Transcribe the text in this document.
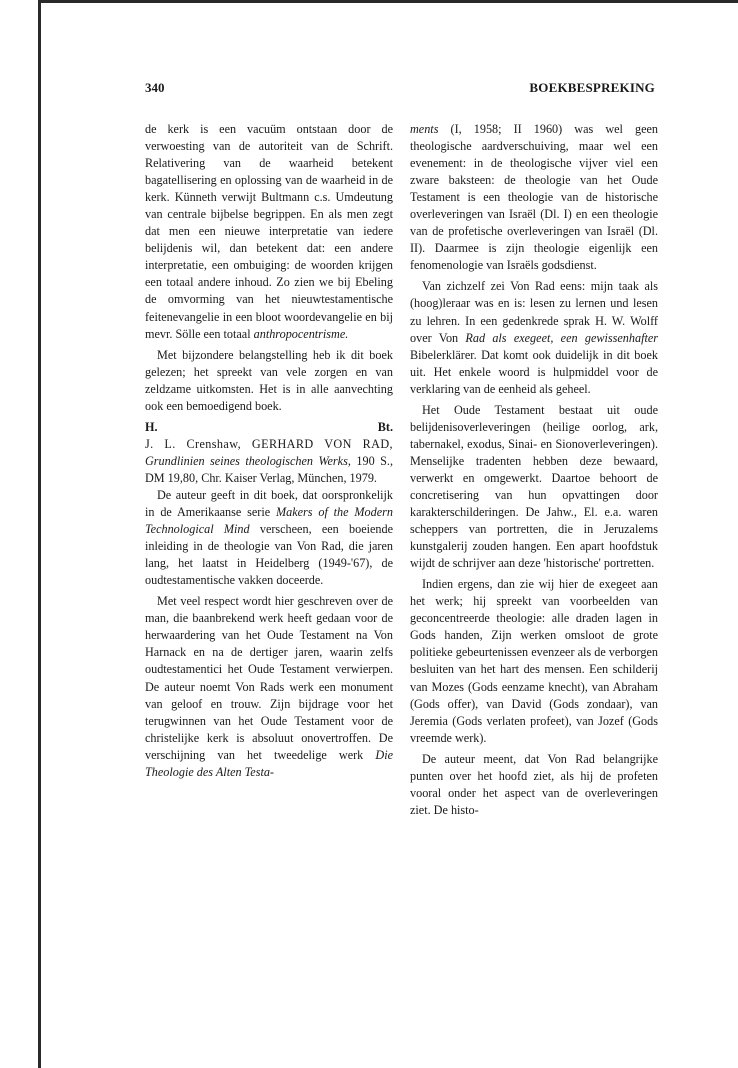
340	BOEKBESPREKING

de kerk is een vacuüm ontstaan door de verwoesting van de autoriteit van de Schrift. Relativering van de waarheid betekent bagatellisering en oplossing van de waarheid in de kerk. Künneth verwijt Bultmann c.s. Umdeutung van centrale bijbelse begrippen. En als men zegt dat men een nieuwe interpretatie van iedere belijdenis wil, dan betekent dat: een andere interpretatie, een ombuiging: de woorden krijgen een totaal andere inhoud. Zo zien we bij Ebeling de omvorming van het nieuwtestamentische feitenevangelie in een bloot woordevangelie en bij mevr. Sölle een totaal anthropocentrisme.

Met bijzondere belangstelling heb ik dit boek gelezen; het spreekt van vele zorgen en van zeldzame uitkomsten. Het is in alle aanvechting ook een bemoedigend boek.

H.	Bt.

J. L. Crenshaw, GERHARD VON RAD, Grundlinien seines theologischen Werks, 190 S., DM 19,80, Chr. Kaiser Verlag, München, 1979.

De auteur geeft in dit boek, dat oorspronkelijk in de Amerikaanse serie Makers of the Modern Technological Mind verscheen, een boeiende inleiding in de theologie van Von Rad, die jaren lang, het laatst in Heidelberg (1949-'67), de oudtestamentische vakken doceerde.

Met veel respect wordt hier geschreven over de man, die baanbrekend werk heeft gedaan voor de herwaardering van het Oude Testament na Von Harnack en na de dertiger jaren, waarin zelfs oudtestamentici het Oude Testament verwierpen. De auteur noemt Von Rads werk een monument van geloof en trouw. Zijn bijdrage voor het terugwinnen van het Oude Testament voor de christelijke kerk is absoluut onovertroffen. De verschijning van het tweedelige werk Die Theologie des Alten Testa-

ments (I, 1958; II 1960) was wel geen theologische aardverschuiving, maar wel een evenement: in de theologische vijver viel een zware baksteen: de theologie van het Oude Testament is een theologie van de historische overleveringen van Israël (Dl. I) en een theologie van de profetische overleveringen van Israël (Dl. II). Daarmee is zijn theologie eigenlijk een fenomenologie van Israëls godsdienst.

Van zichzelf zei Von Rad eens: mijn taak als (hoog)leraar was en is: lesen zu lernen und lesen zu lehren. In een gedenkrede sprak H. W. Wolff over Von Rad als exegeet, een gewissenhafter Bibelerklärer. Dat komt ook duidelijk in dit boek uit. Het enkele woord is hulpmiddel voor de verklaring van de eenheid als geheel.

Het Oude Testament bestaat uit oude belijdenisoverleveringen (heilige oorlog, ark, tabernakel, exodus, Sinai- en Sionoverleveringen). Menselijke tradenten hebben deze bewaard, verwerkt en omgewerkt. Daartoe behoort de concretisering van hun opvattingen door karakterschilderingen. De Jahw., El. e.a. waren scheppers van portretten, die in Jeruzalems kunstgalerij zouden hangen. Een apart hoofdstuk wijdt de schrijver aan deze 'historische' portretten.

Indien ergens, dan zie wij hier de exegeet aan het werk; hij spreekt van voorbeelden van geconcentreerde theologie: alle draden lagen in Gods handen, Zijn werken omsloot de grote politieke gebeurtenissen evenzeer als de verborgen besluiten van het hart des mensen. Een schilderij van Mozes (Gods eenzame knecht), van Abraham (Gods offer), van David (Gods zondaar), van Jeremia (Gods verlaten profeet), van Jozef (Gods vreemde werk).

De auteur meent, dat Von Rad belangrijke punten over het hoofd ziet, als hij de profeten vooral onder het aspect van de overleveringen ziet. De histo-
